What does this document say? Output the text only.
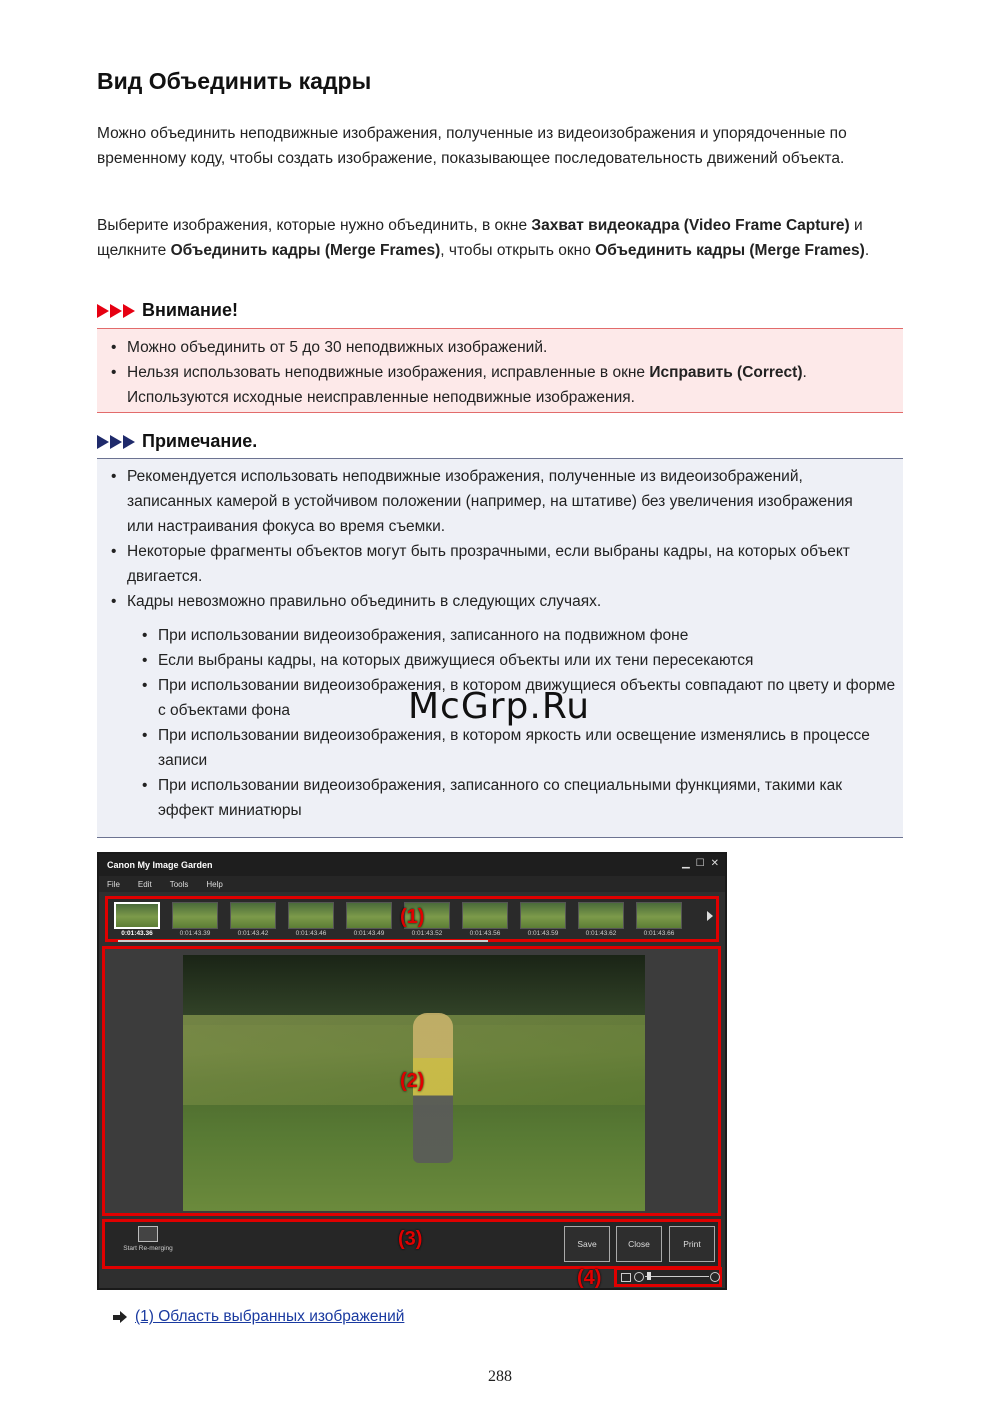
Вид Объединить кадры

Можно объединить неподвижные изображения, полученные из видеоизображения и упорядоченные по временному коду, чтобы создать изображение, показывающее последовательность движений объекта.

Выберите изображения, которые нужно объединить, в окне Захват видеокадра (Video Frame Capture) и щелкните Объединить кадры (Merge Frames), чтобы открыть окно Объединить кадры (Merge Frames).

Внимание!
• Можно объединить от 5 до 30 неподвижных изображений.
• Нельзя использовать неподвижные изображения, исправленные в окне Исправить (Correct). Используются исходные неисправленные неподвижные изображения.
Примечание.
• Рекомендуется использовать неподвижные изображения, полученные из видеоизображений, записанных камерой в устойчивом положении (например, на штативе) без увеличения изображения или настраивания фокуса во время съемки.
• Некоторые фрагменты объектов могут быть прозрачными, если выбраны кадры, на которых объект двигается.
• Кадры невозможно правильно объединить в следующих случаях.
• При использовании видеоизображения, записанного на подвижном фоне
• Если выбраны кадры, на которых движущиеся объекты или их тени пересекаются
• При использовании видеоизображения, в котором движущиеся объекты совпадают по цвету и форме с объектами фона
• При использовании видеоизображения, в котором яркость или освещение изменялись в процессе записи
• При использовании видеоизображения, записанного со специальными функциями, такими как эффект миниатюры
McGrp.Ru
Canon My Image Garden	▁ ☐ ✕
File Edit Tools Help
0:01:43.36	0:01:43.39	0:01:43.42	0:01:43.46	0:01:43.49	0:01:43.52	0:01:43.56	0:01:43.59	0:01:43.62	0:01:43.66
Start Re-merging	Save	Close	Print
(1)
(2)
(3)
(4)
(1) Область выбранных изображений
288
